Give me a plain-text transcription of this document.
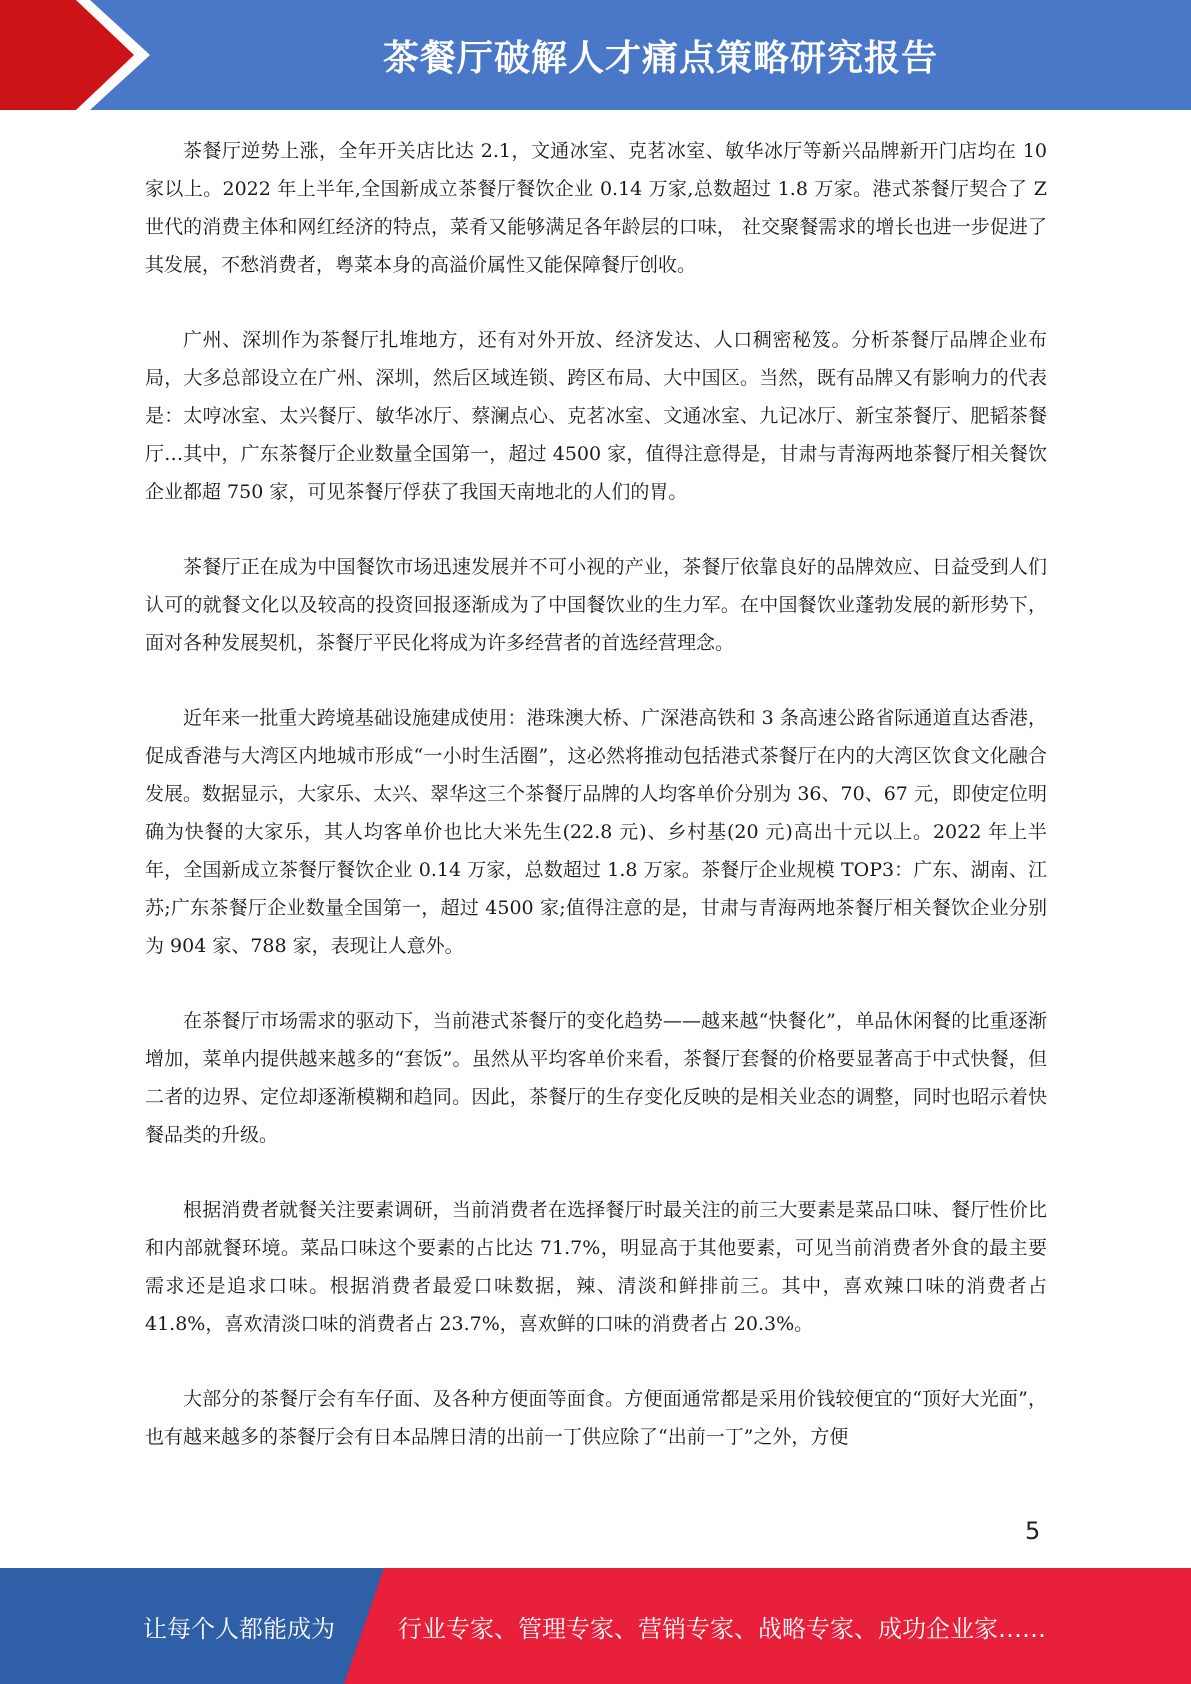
茶餐厅破解人才痛点策略研究报告

茶餐厅逆势上涨，全年开关店比达 2.1，文通冰室、克茗冰室、敏华冰厅等新兴品牌新开门店均在 10 家以上。2022 年上半年,全国新成立茶餐厅餐饮企业 0.14 万家,总数超过 1.8 万家。港式茶餐厅契合了 Z 世代的消费主体和网红经济的特点，菜肴又能够满足各年龄层的口味， 社交聚餐需求的增长也进一步促进了其发展，不愁消费者，粤菜本身的高溢价属性又能保障餐厅创收。

广州、深圳作为茶餐厅扎堆地方，还有对外开放、经济发达、人口稠密秘笈。分析茶餐厅品牌企业布局，大多总部设立在广州、深圳，然后区域连锁、跨区布局、大中国区。当然，既有品牌又有影响力的代表是：太哼冰室、太兴餐厅、敏华冰厅、蔡澜点心、克茗冰室、文通冰室、九记冰厅、新宝茶餐厅、肥韬茶餐厅…其中，广东茶餐厅企业数量全国第一，超过 4500 家，值得注意得是，甘肃与青海两地茶餐厅相关餐饮企业都超 750 家，可见茶餐厅俘获了我国天南地北的人们的胃。

茶餐厅正在成为中国餐饮市场迅速发展并不可小视的产业，茶餐厅依靠良好的品牌效应、日益受到人们认可的就餐文化以及较高的投资回报逐渐成为了中国餐饮业的生力军。在中国餐饮业蓬勃发展的新形势下，面对各种发展契机，茶餐厅平民化将成为许多经营者的首选经营理念。

近年来一批重大跨境基础设施建成使用：港珠澳大桥、广深港高铁和 3 条高速公路省际通道直达香港，促成香港与大湾区内地城市形成“一小时生活圈”，这必然将推动包括港式茶餐厅在内的大湾区饮食文化融合发展。数据显示，大家乐、太兴、翠华这三个茶餐厅品牌的人均客单价分别为 36、70、67 元，即使定位明确为快餐的大家乐，其人均客单价也比大米先生(22.8 元)、乡村基(20 元)高出十元以上。2022 年上半年，全国新成立茶餐厅餐饮企业 0.14 万家，总数超过 1.8 万家。茶餐厅企业规模 TOP3：广东、湖南、江苏;广东茶餐厅企业数量全国第一，超过 4500 家;值得注意的是，甘肃与青海两地茶餐厅相关餐饮企业分别为 904 家、788 家，表现让人意外。

在茶餐厅市场需求的驱动下，当前港式茶餐厅的变化趋势——越来越“快餐化”，单品休闲餐的比重逐渐增加，菜单内提供越来越多的“套饭”。虽然从平均客单价来看，茶餐厅套餐的价格要显著高于中式快餐，但二者的边界、定位却逐渐模糊和趋同。因此，茶餐厅的生存变化反映的是相关业态的调整，同时也昭示着快餐品类的升级。

根据消费者就餐关注要素调研，当前消费者在选择餐厅时最关注的前三大要素是菜品口味、餐厅性价比和内部就餐环境。菜品口味这个要素的占比达 71.7%，明显高于其他要素，可见当前消费者外食的最主要需求还是追求口味。根据消费者最爱口味数据，辣、清淡和鲜排前三。其中，喜欢辣口味的消费者占 41.8%，喜欢清淡口味的消费者占 23.7%，喜欢鲜的口味的消费者占 20.3%。

大部分的茶餐厅会有车仔面、及各种方便面等面食。方便面通常都是采用价钱较便宜的“顶好大光面”，也有越来越多的茶餐厅会有日本品牌日清的出前一丁供应除了“出前一丁”之外，方便

5
让每个人都能成为	行业专家、管理专家、营销专家、战略专家、成功企业家……
